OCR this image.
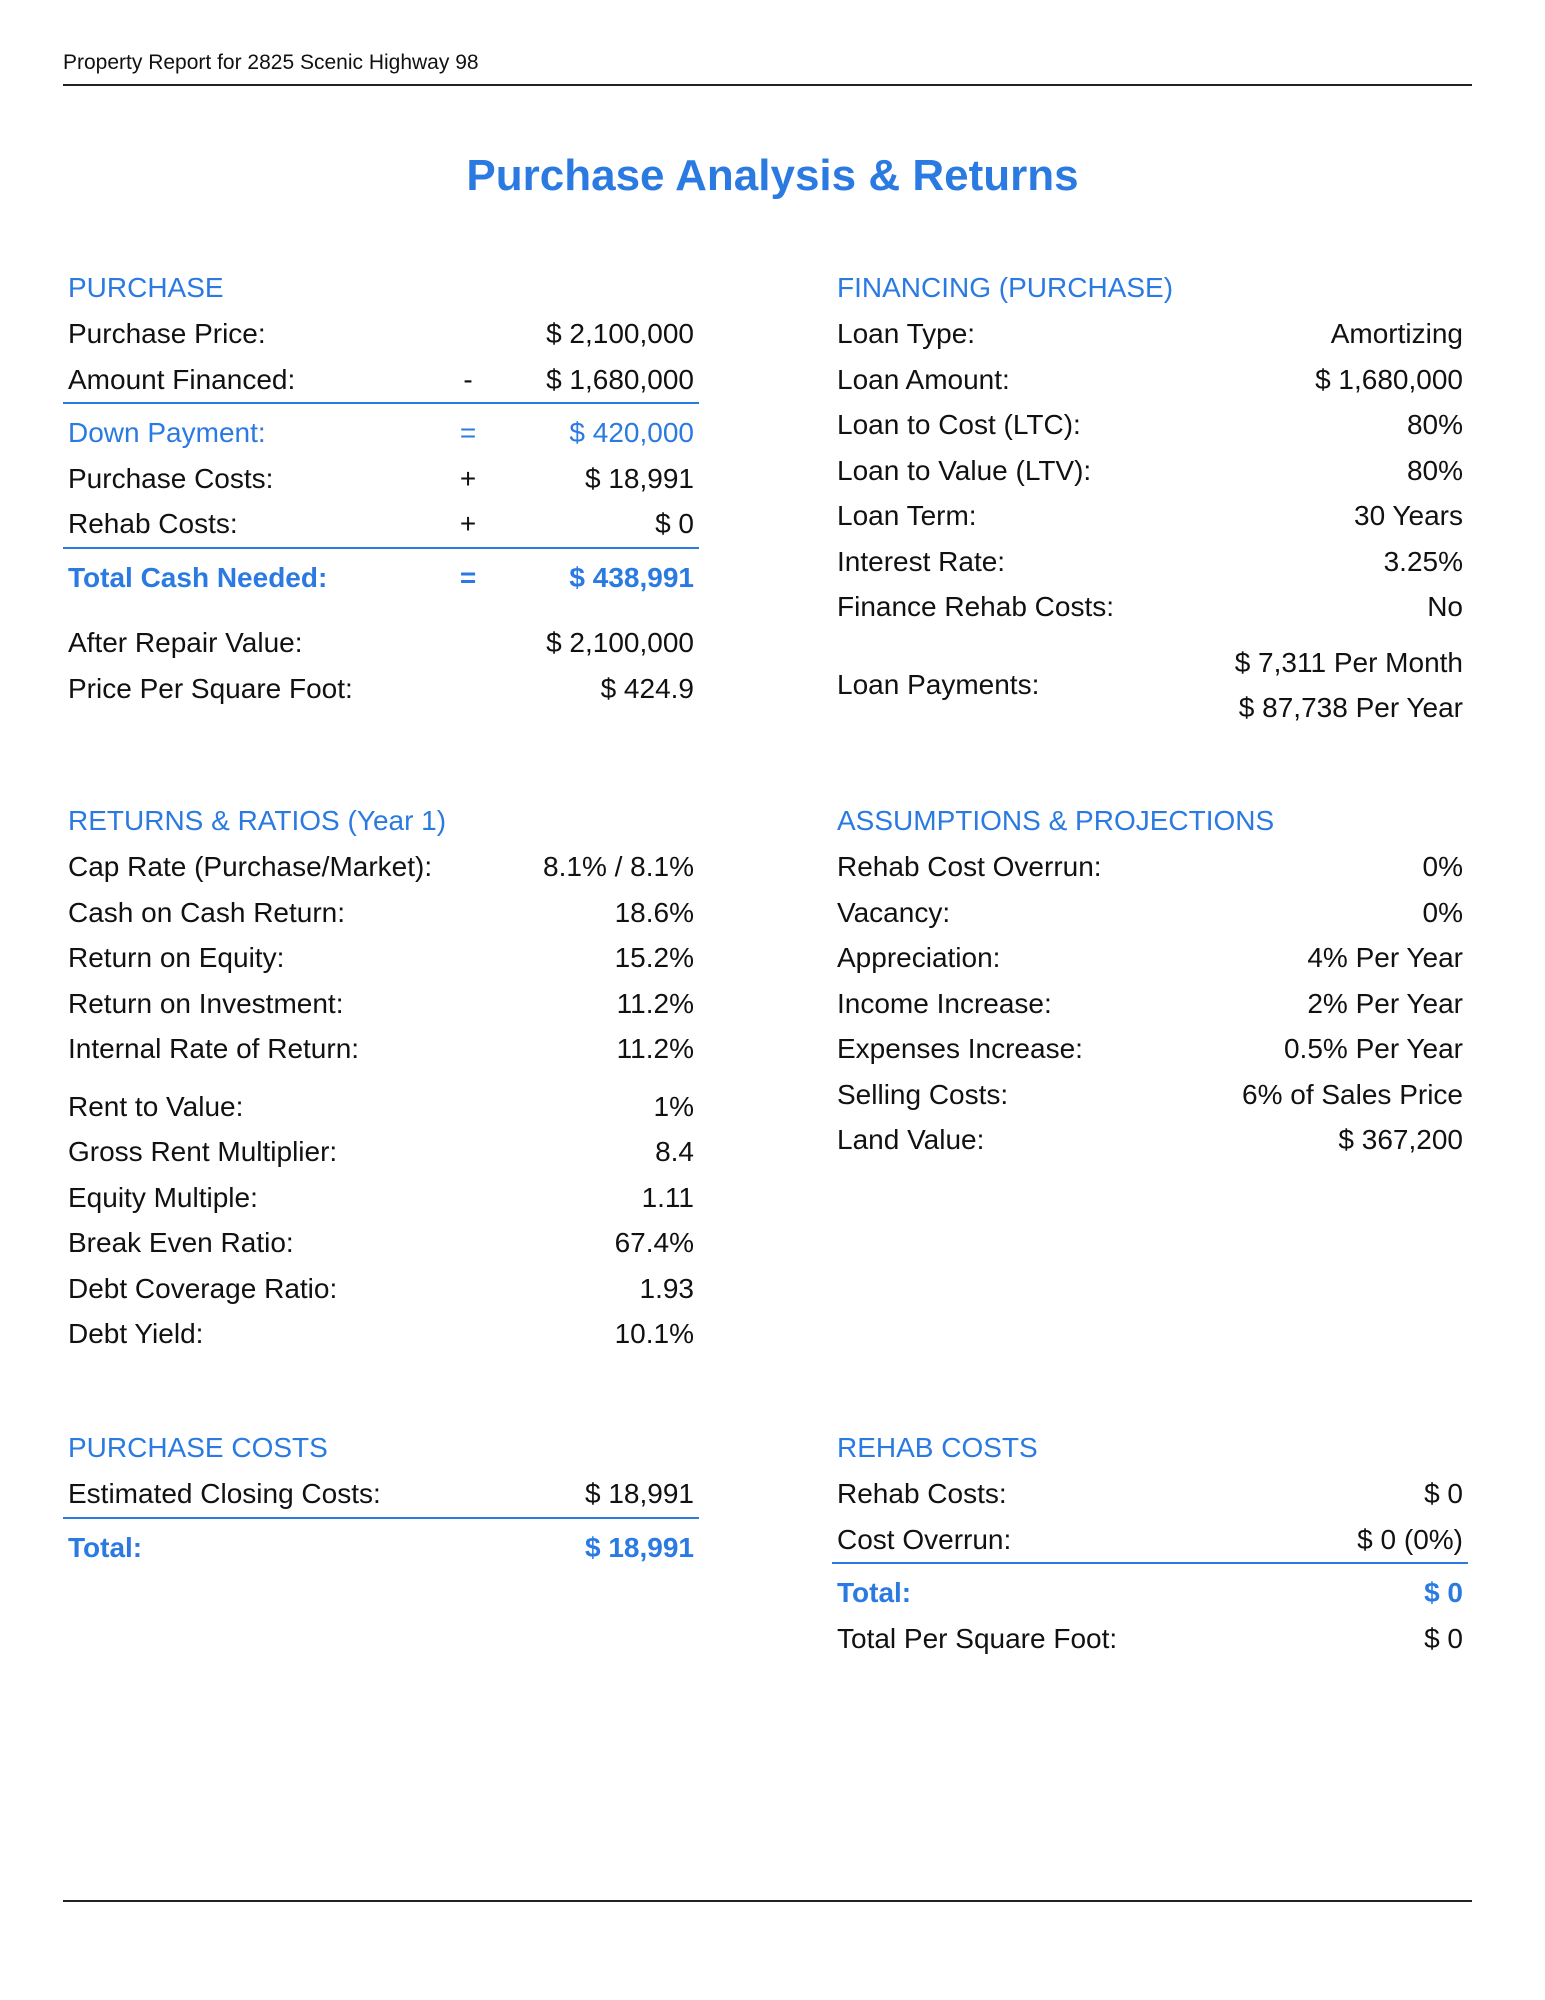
Property Report for 2825 Scenic Highway 98
Purchase Analysis & Returns
PURCHASE
Purchase Price:	$ 2,100,000
Amount Financed:	-	$ 1,680,000
Down Payment:	=	$ 420,000
Purchase Costs:	+	$ 18,991
Rehab Costs:	+	$ 0
Total Cash Needed:	=	$ 438,991
After Repair Value:	$ 2,100,000
Price Per Square Foot:	$ 424.9
FINANCING (PURCHASE)
Loan Type:	Amortizing
Loan Amount:	$ 1,680,000
Loan to Cost (LTC):	80%
Loan to Value (LTV):	80%
Loan Term:	30 Years
Interest Rate:	3.25%
Finance Rehab Costs:	No
Loan Payments:
$ 7,311 Per Month
$ 87,738 Per Year
RETURNS & RATIOS (Year 1)
Cap Rate (Purchase/Market):	8.1% / 8.1%
Cash on Cash Return:	18.6%
Return on Equity:	15.2%
Return on Investment:	11.2%
Internal Rate of Return:	11.2%
Rent to Value:	1%
Gross Rent Multiplier:	8.4
Equity Multiple:	1.11
Break Even Ratio:	67.4%
Debt Coverage Ratio:	1.93
Debt Yield:	10.1%
ASSUMPTIONS & PROJECTIONS
Rehab Cost Overrun:	0%
Vacancy:	0%
Appreciation:	4% Per Year
Income Increase:	2% Per Year
Expenses Increase:	0.5% Per Year
Selling Costs:	6% of Sales Price
Land Value:	$ 367,200
PURCHASE COSTS
Estimated Closing Costs:	$ 18,991
Total:	$ 18,991
REHAB COSTS
Rehab Costs:	$ 0
Cost Overrun:	$ 0 (0%)
Total:	$ 0
Total Per Square Foot:	$ 0
